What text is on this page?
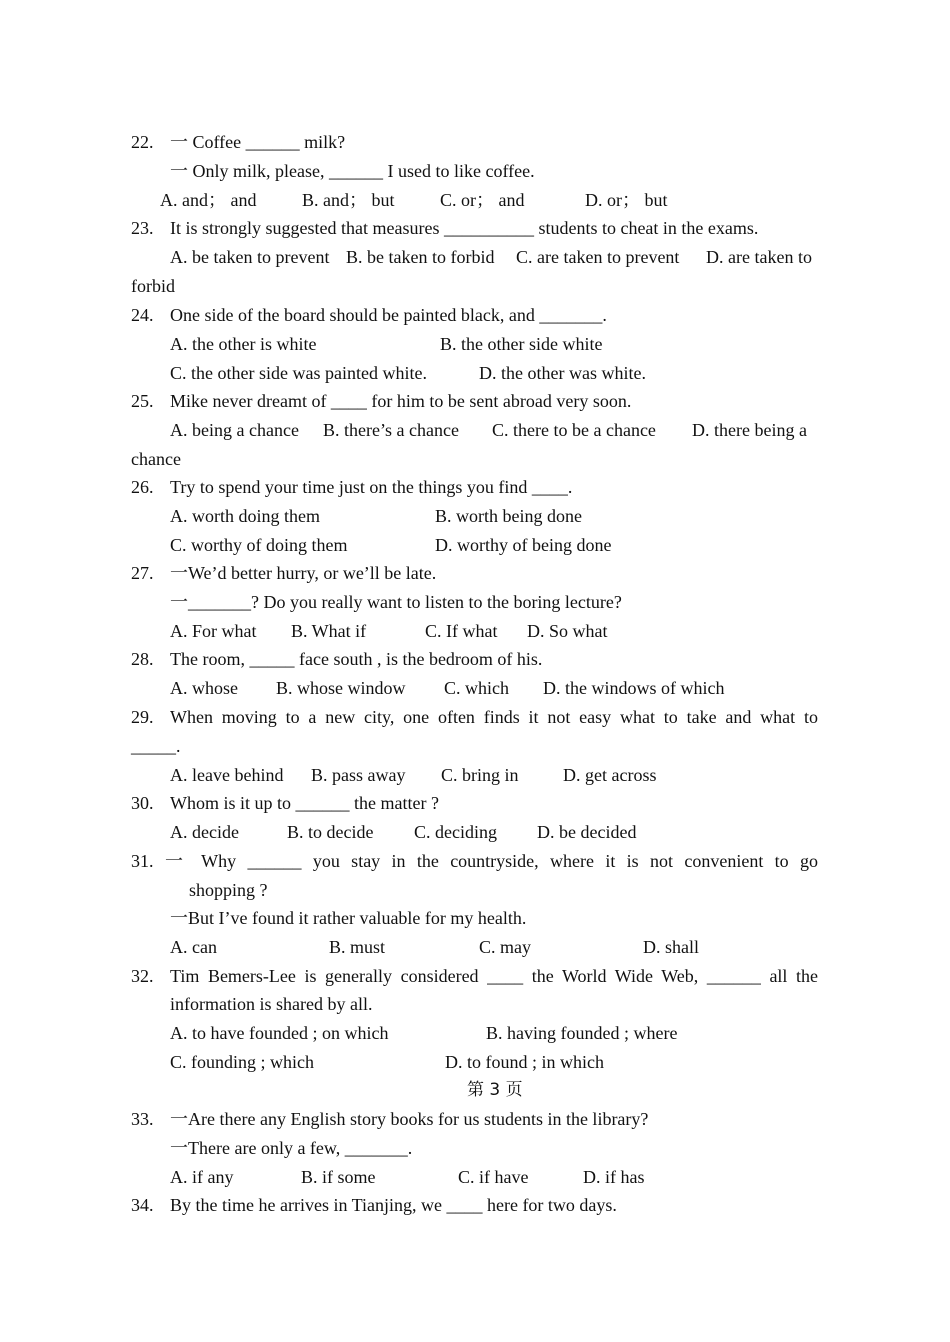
22. 一 Coffee ______ milk?
一 Only milk, please, ______ I used to like coffee.
A. and； and	B. and； but	C. or； and	D. or； but
23. It is strongly suggested that measures __________ students to cheat in the exams.
A. be taken to prevent B. be taken to forbid C. are taken to prevent D. are taken to
forbid
24. One side of the board should be painted black, and _______.
A. the other is white	B. the other side white
C. the other side was painted white.	D. the other was white.
25. Mike never dreamt of ____ for him to be sent abroad very soon.
A. being a chance B. there’s a chance C. there to be a chance D. there being a
chance
26. Try to spend your time just on the things you find ____.
A. worth doing them	B. worth being done
C. worthy of doing them	D. worthy of being done
27. 一We’d better hurry, or we’ll be late.
一_______? Do you really want to listen to the boring lecture?
A. For what B. What if	C. If what D. So what
28. The room, _____ face south , is the bedroom of his.
A. whose B. whose window C. which D. the windows of which
29. When moving to a new city, one often finds it not easy what to take and what to
_____.
A. leave behind B. pass away C. bring in D. get across
30. Whom is it up to ______ the matter ?
A. decide	B. to decide C. deciding D. be decided
31. 一 Why ______ you stay in the countryside, where it is not convenient to go
shopping ?
一But I’ve found it rather valuable for my health.
A. can	B. must	C. may	D. shall
32. Tim Bemers-Lee is generally considered ____ the World Wide Web, ______ all the
information is shared by all.
A. to have founded ; on which	B. having founded ; where
C. founding ; which	D. to found ; in which
第 3 页
33. 一Are there any English story books for us students in the library?
一There are only a few, _______.
A. if any	B. if some	C. if have	D. if has
34. By the time he arrives in Tianjing, we ____ here for two days.
